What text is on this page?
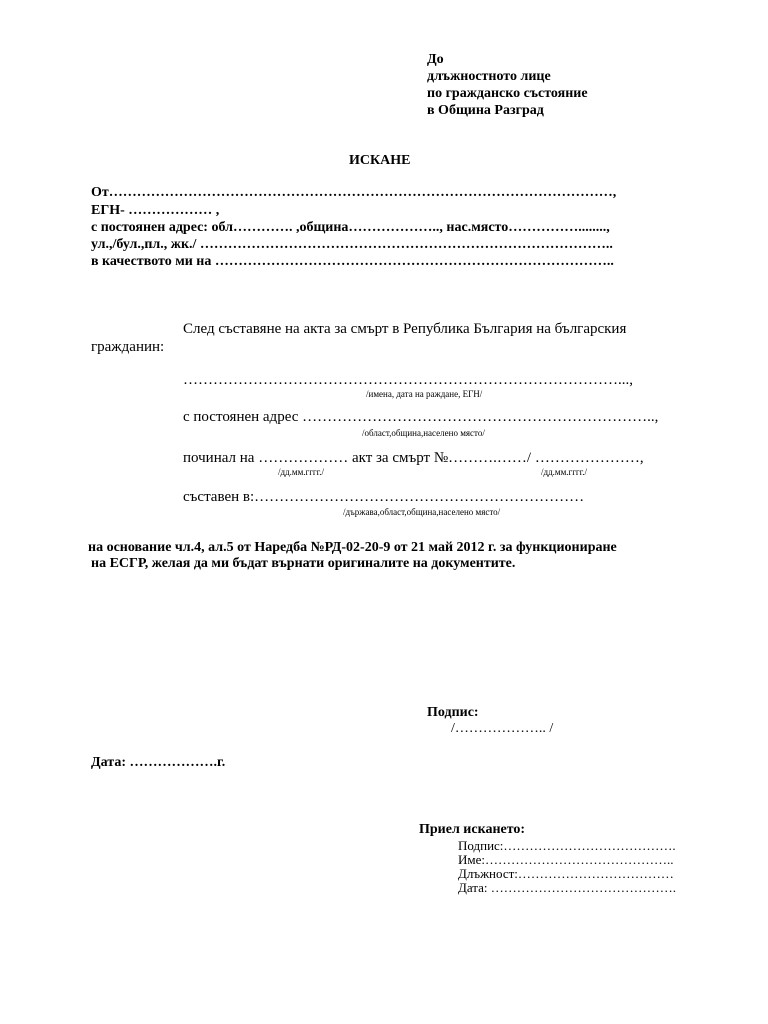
До
длъжностното лице
по гражданско състояние
в Община Разград
ИСКАНЕ
От………………………………………………………………………………………………,
ЕГН- ……………… ,
с постоянен адрес: обл…………. ,община……………….., нас.място……………........,
ул.,/бул.,пл., жк./ ……………………………………………………………………………..
в качеството ми на …………………………………………………………………………..
След съставяне на акта за смърт в Република България на българския
гражданин:
……………………………………………………………………………...,
/имена, дата на раждане, ЕГН/
с постоянен адрес ……………………………………………………………..,
/област,община,населено място/
починал на ……………… акт за смърт №……….……/ …………………,
/дд.мм.гггг./	/дд.мм.гггг./
съставен в:…………………………………………………………
/държава,област,община,населено място/
на основание чл.4, ал.5 от Наредба №РД-02-20-9 от 21 май 2012 г. за функциониране
на ЕСГР, желая да ми бъдат върнати оригиналите на документите.
Подпис:
/……………….. /
Дата: ……………….г.
Приел искането:
Подпис:………………………………….
Име:……………………………………..
Длъжност:………………………………
Дата: …………………………………….
